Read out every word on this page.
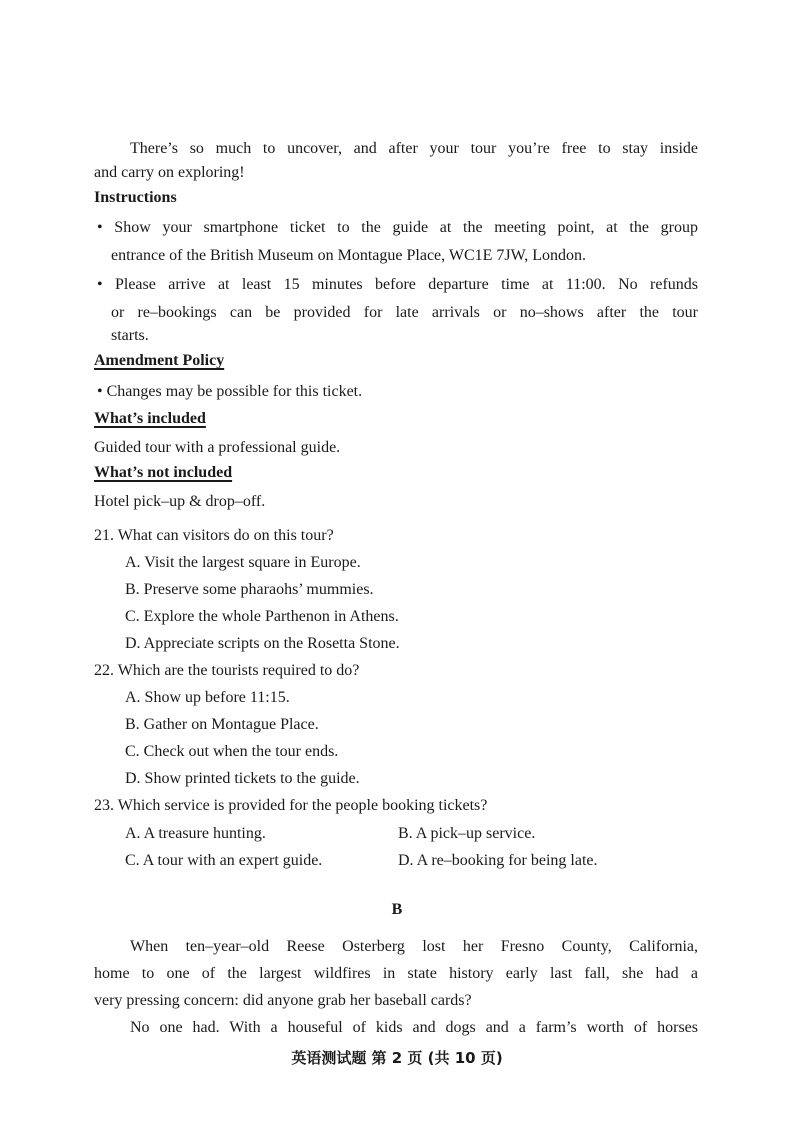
There’s so much to uncover, and after your tour you’re free to stay inside
and carry on exploring!
Instructions
• Show your smartphone ticket to the guide at the meeting point, at the group
entrance of the British Museum on Montague Place, WC1E 7JW, London.
• Please arrive at least 15 minutes before departure time at 11:00. No refunds
or re–bookings can be provided for late arrivals or no–shows after the tour
starts.
Amendment Policy
• Changes may be possible for this ticket.
What’s included
Guided tour with a professional guide.
What’s not included
Hotel pick–up & drop–off.
21. What can visitors do on this tour?
A. Visit the largest square in Europe.
B. Preserve some pharaohs’ mummies.
C. Explore the whole Parthenon in Athens.
D. Appreciate scripts on the Rosetta Stone.
22. Which are the tourists required to do?
A. Show up before 11:15.
B. Gather on Montague Place.
C. Check out when the tour ends.
D. Show printed tickets to the guide.
23. Which service is provided for the people booking tickets?
A. A treasure hunting.	B. A pick–up service.
C. A tour with an expert guide.	D. A re–booking for being late.
B
When ten–year–old Reese Osterberg lost her Fresno County, California,
home to one of the largest wildfires in state history early last fall, she had a
very pressing concern: did anyone grab her baseball cards?
No one had. With a houseful of kids and dogs and a farm’s worth of horses
英语测试题 第 2 页 (共 10 页)
